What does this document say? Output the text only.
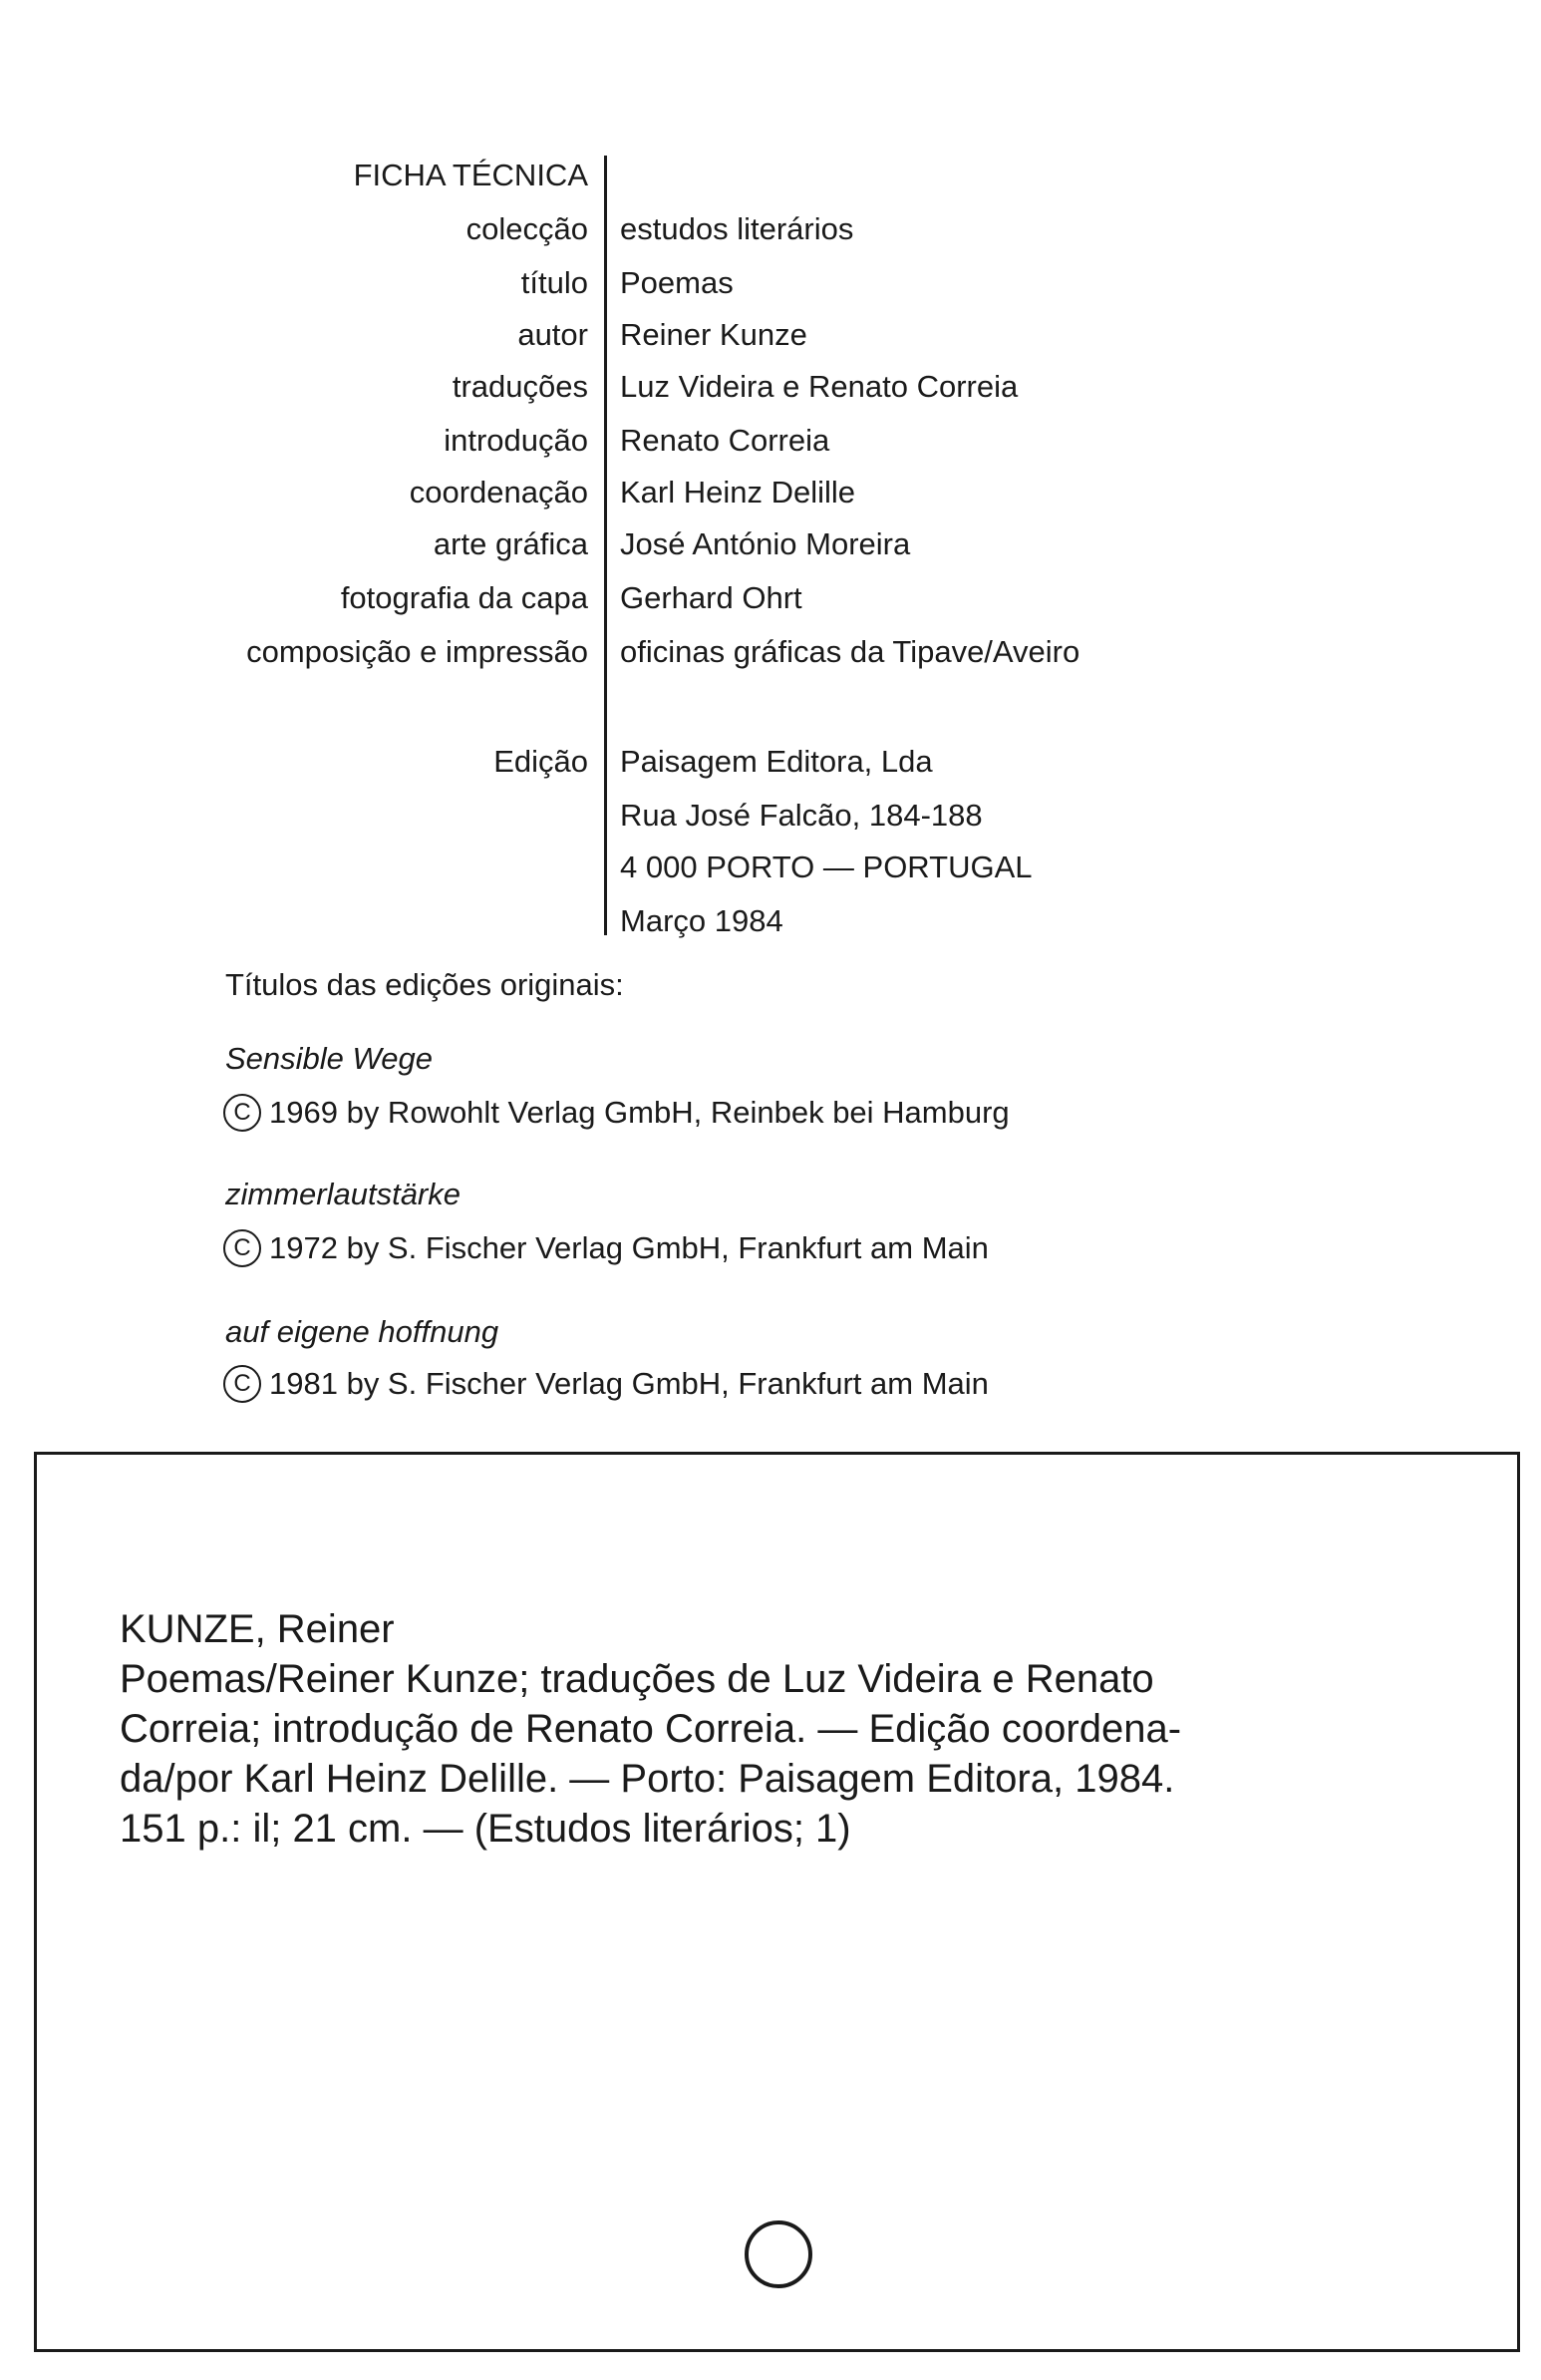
FICHA TÉCNICA
colecção estudos literários
título Poemas
autor Reiner Kunze
traduções Luz Videira e Renato Correia
introdução Renato Correia
coordenação Karl Heinz Delille
arte gráfica José António Moreira
fotografia da capa Gerhard Ohrt
composição e impressão oficinas gráficas da Tipave/Aveiro
Edição Paisagem Editora, Lda
Rua José Falcão, 184-188
4 000 PORTO — PORTUGAL
Março 1984
Títulos das edições originais:
Sensible Wege
C 1969 by Rowohlt Verlag GmbH, Reinbek bei Hamburg
zimmerlautstärke
C 1972 by S. Fischer Verlag GmbH, Frankfurt am Main
auf eigene hoffnung
C 1981 by S. Fischer Verlag GmbH, Frankfurt am Main
KUNZE, Reiner
Poemas/Reiner Kunze; traduções de Luz Videira e Renato
Correia; introdução de Renato Correia. — Edição coordena-
da/por Karl Heinz Delille. — Porto: Paisagem Editora, 1984.
151 p.: il; 21 cm. — (Estudos literários; 1)
